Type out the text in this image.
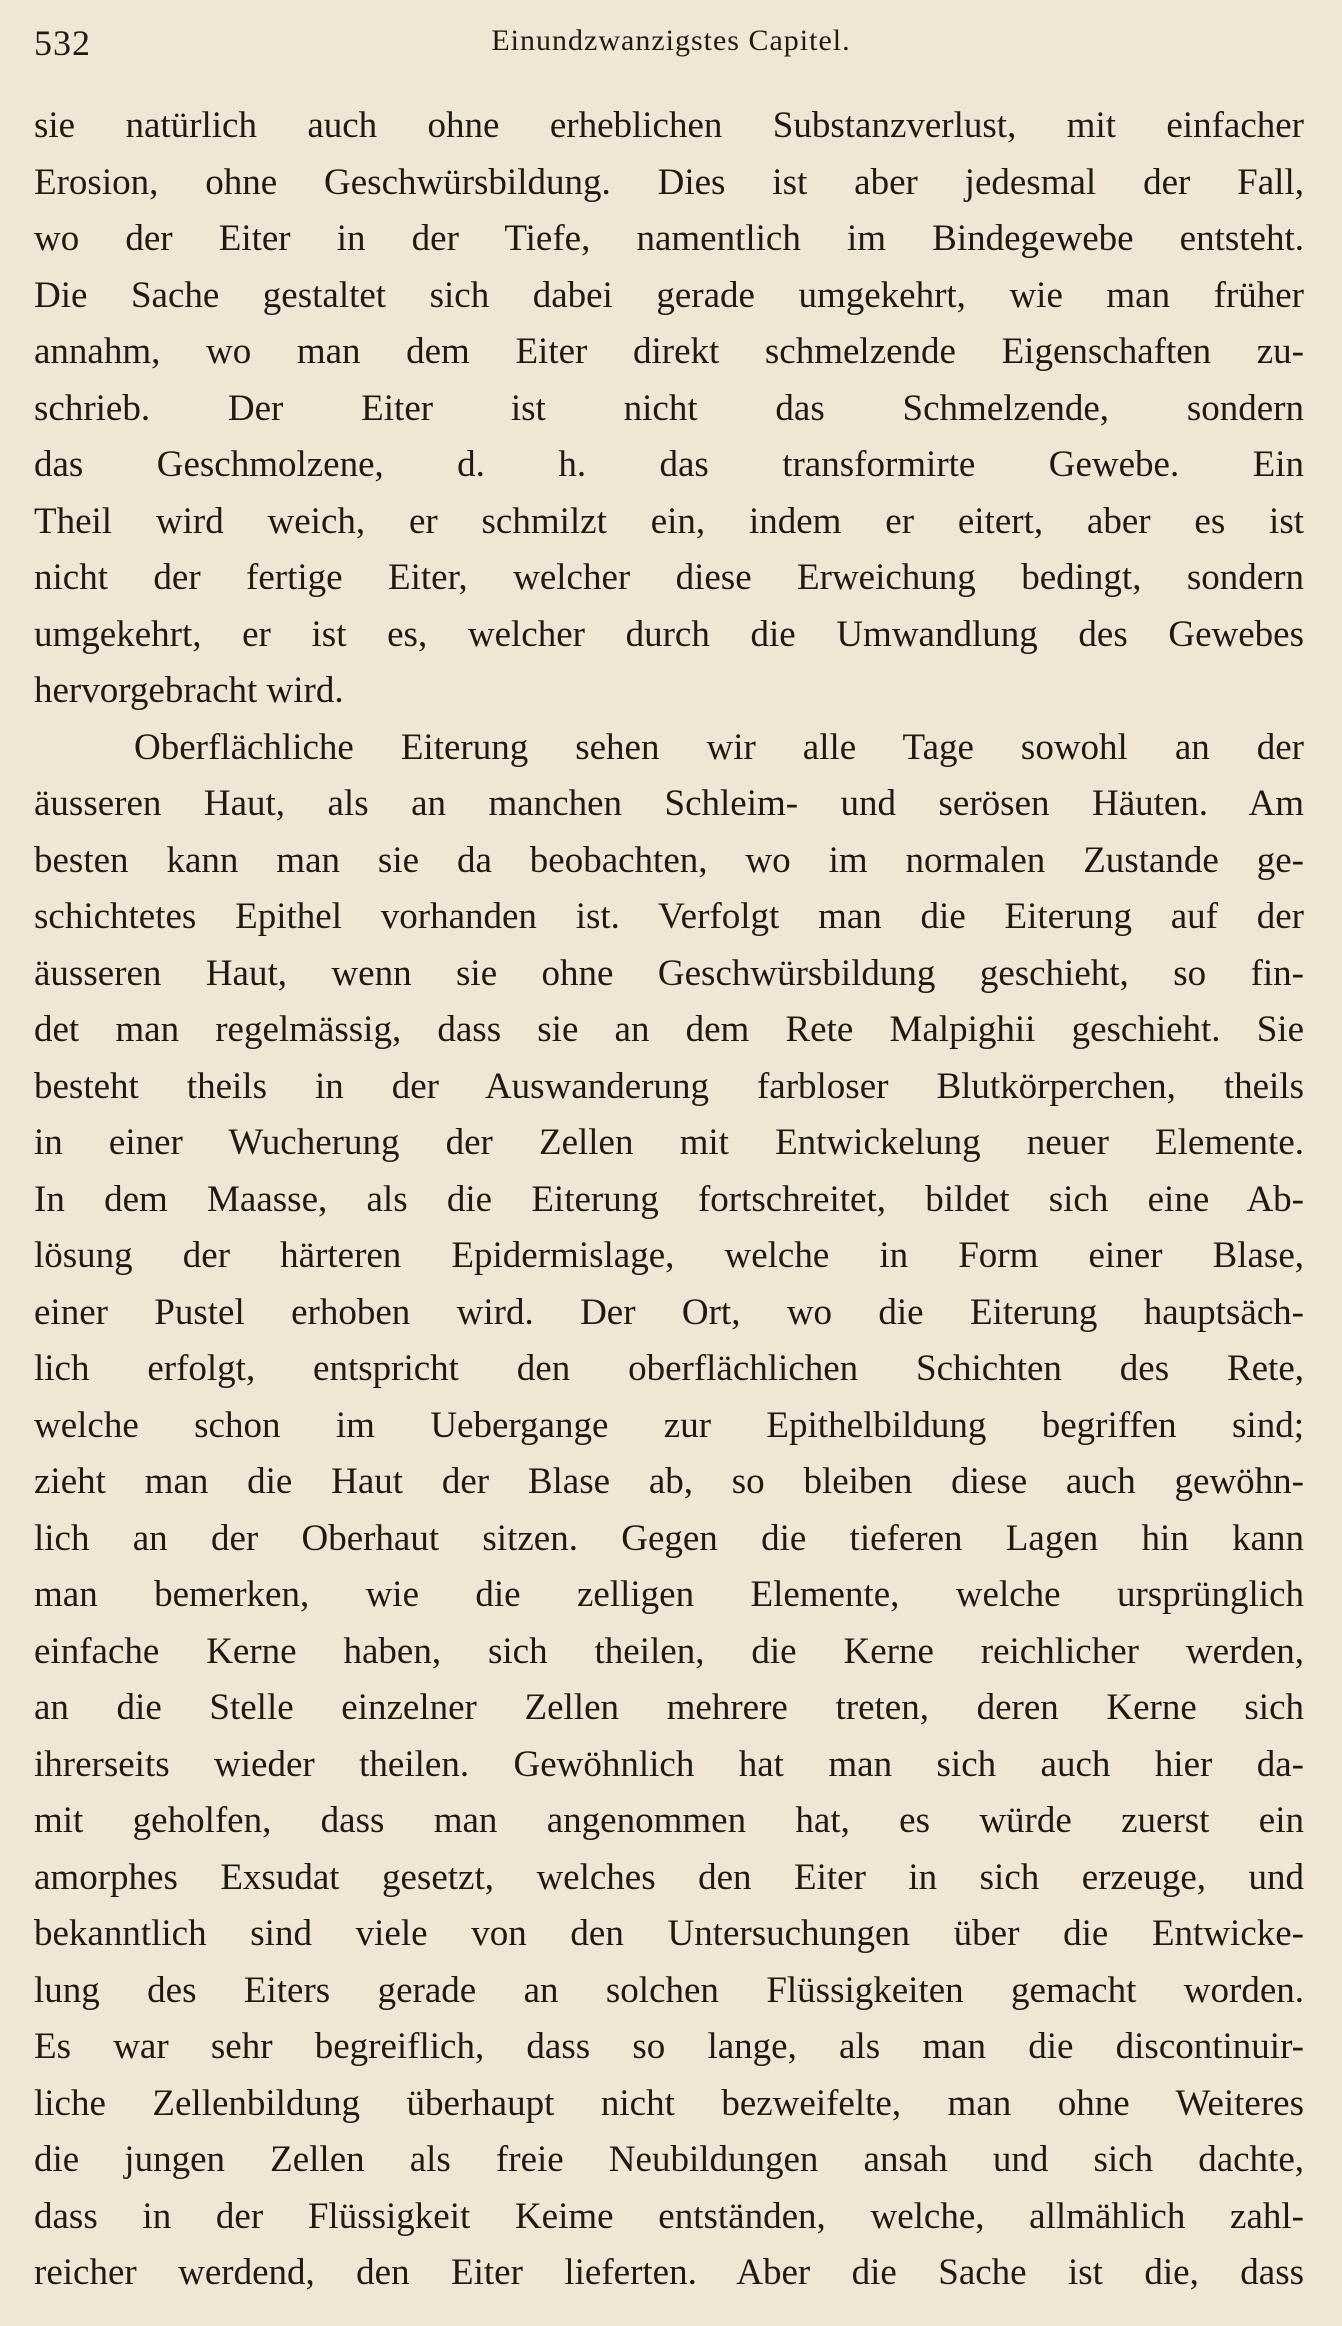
532	Einundzwanzigstes Capitel.
sie natürlich auch ohne erheblichen Substanzverlust, mit einfacher
Erosion, ohne Geschwürsbildung. Dies ist aber jedesmal der Fall,
wo der Eiter in der Tiefe, namentlich im Bindegewebe entsteht.
Die Sache gestaltet sich dabei gerade umgekehrt, wie man früher
annahm, wo man dem Eiter direkt schmelzende Eigenschaften zu-
schrieb. Der Eiter ist nicht das Schmelzende, sondern
das Geschmolzene, d. h. das transformirte Gewebe. Ein
Theil wird weich, er schmilzt ein, indem er eitert, aber es ist
nicht der fertige Eiter, welcher diese Erweichung bedingt, sondern
umgekehrt, er ist es, welcher durch die Umwandlung des Gewebes
hervorgebracht wird.
Oberflächliche Eiterung sehen wir alle Tage sowohl an der
äusseren Haut, als an manchen Schleim- und serösen Häuten. Am
besten kann man sie da beobachten, wo im normalen Zustande ge-
schichtetes Epithel vorhanden ist. Verfolgt man die Eiterung auf der
äusseren Haut, wenn sie ohne Geschwürsbildung geschieht, so fin-
det man regelmässig, dass sie an dem Rete Malpighii geschieht. Sie
besteht theils in der Auswanderung farbloser Blutkörperchen, theils
in einer Wucherung der Zellen mit Entwickelung neuer Elemente.
In dem Maasse, als die Eiterung fortschreitet, bildet sich eine Ab-
lösung der härteren Epidermislage, welche in Form einer Blase,
einer Pustel erhoben wird. Der Ort, wo die Eiterung hauptsäch-
lich erfolgt, entspricht den oberflächlichen Schichten des Rete,
welche schon im Uebergange zur Epithelbildung begriffen sind;
zieht man die Haut der Blase ab, so bleiben diese auch gewöhn-
lich an der Oberhaut sitzen. Gegen die tieferen Lagen hin kann
man bemerken, wie die zelligen Elemente, welche ursprünglich
einfache Kerne haben, sich theilen, die Kerne reichlicher werden,
an die Stelle einzelner Zellen mehrere treten, deren Kerne sich
ihrerseits wieder theilen. Gewöhnlich hat man sich auch hier da-
mit geholfen, dass man angenommen hat, es würde zuerst ein
amorphes Exsudat gesetzt, welches den Eiter in sich erzeuge, und
bekanntlich sind viele von den Untersuchungen über die Entwicke-
lung des Eiters gerade an solchen Flüssigkeiten gemacht worden.
Es war sehr begreiflich, dass so lange, als man die discontinuir-
liche Zellenbildung überhaupt nicht bezweifelte, man ohne Weiteres
die jungen Zellen als freie Neubildungen ansah und sich dachte,
dass in der Flüssigkeit Keime entständen, welche, allmählich zahl-
reicher werdend, den Eiter lieferten. Aber die Sache ist die, dass
